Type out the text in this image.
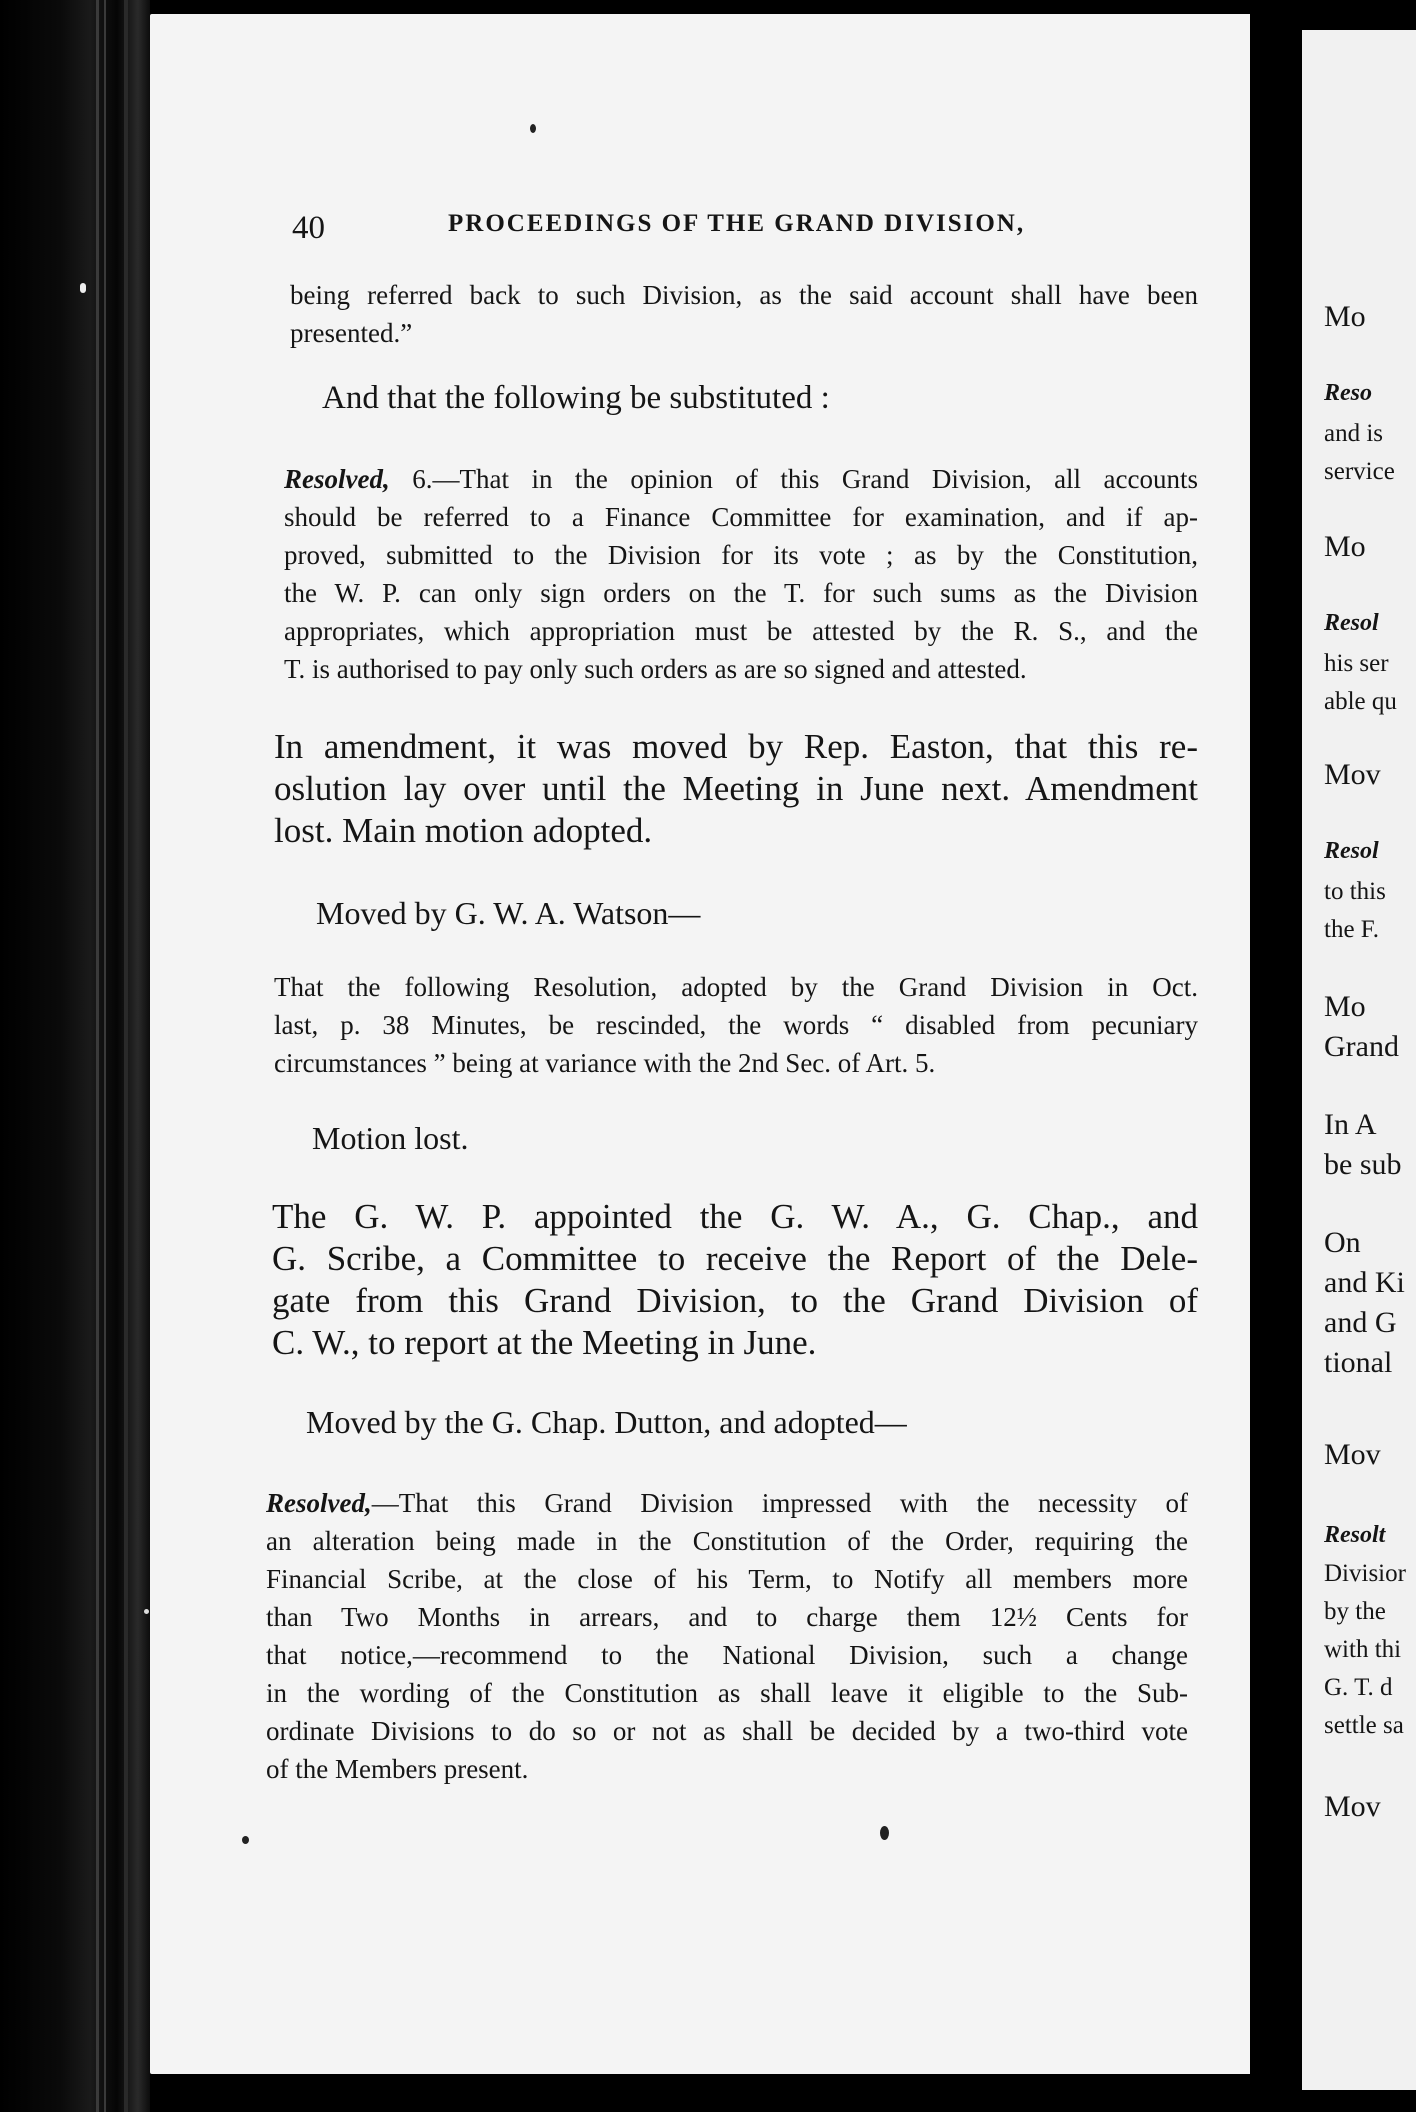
Mo
Reso
and is
service
Mo
Resol
his ser
able qu
Mov
Resol
to this
the F.
Mo
Grand
In A
be sub
On
and Ki
and G
tional
Mov
Resolt
Divisior
by the
with thi
G. T. d
settle sa
Mov
40	PROCEEDINGS OF THE GRAND DIVISION,
being referred back to such Division, as the said account shall have been
presented.”
And that the following be substituted :
Resolved, 6.—That in the opinion of this Grand Division, all accounts
should be referred to a Finance Committee for examination, and if ap-
proved, submitted to the Division for its vote ; as by the Constitution,
the W. P. can only sign orders on the T. for such sums as the Division
appropriates, which appropriation must be attested by the R. S., and the
T. is authorised to pay only such orders as are so signed and attested.
In amendment, it was moved by Rep. Easton, that this re-
oslution lay over until the Meeting in June next. Amendment
lost. Main motion adopted.
Moved by G. W. A. Watson—
That the following Resolution, adopted by the Grand Division in Oct.
last, p. 38 Minutes, be rescinded, the words “ disabled from pecuniary
circumstances ” being at variance with the 2nd Sec. of Art. 5.
Motion lost.
The G. W. P. appointed the G. W. A., G. Chap., and
G. Scribe, a Committee to receive the Report of the Dele-
gate from this Grand Division, to the Grand Division of
C. W., to report at the Meeting in June.
Moved by the G. Chap. Dutton, and adopted—
Resolved,—That this Grand Division impressed with the necessity of
an alteration being made in the Constitution of the Order, requiring the
Financial Scribe, at the close of his Term, to Notify all members more
than Two Months in arrears, and to charge them 12½ Cents for
that notice,—recommend to the National Division, such a change
in the wording of the Constitution as shall leave it eligible to the Sub-
ordinate Divisions to do so or not as shall be decided by a two-third vote
of the Members present.
